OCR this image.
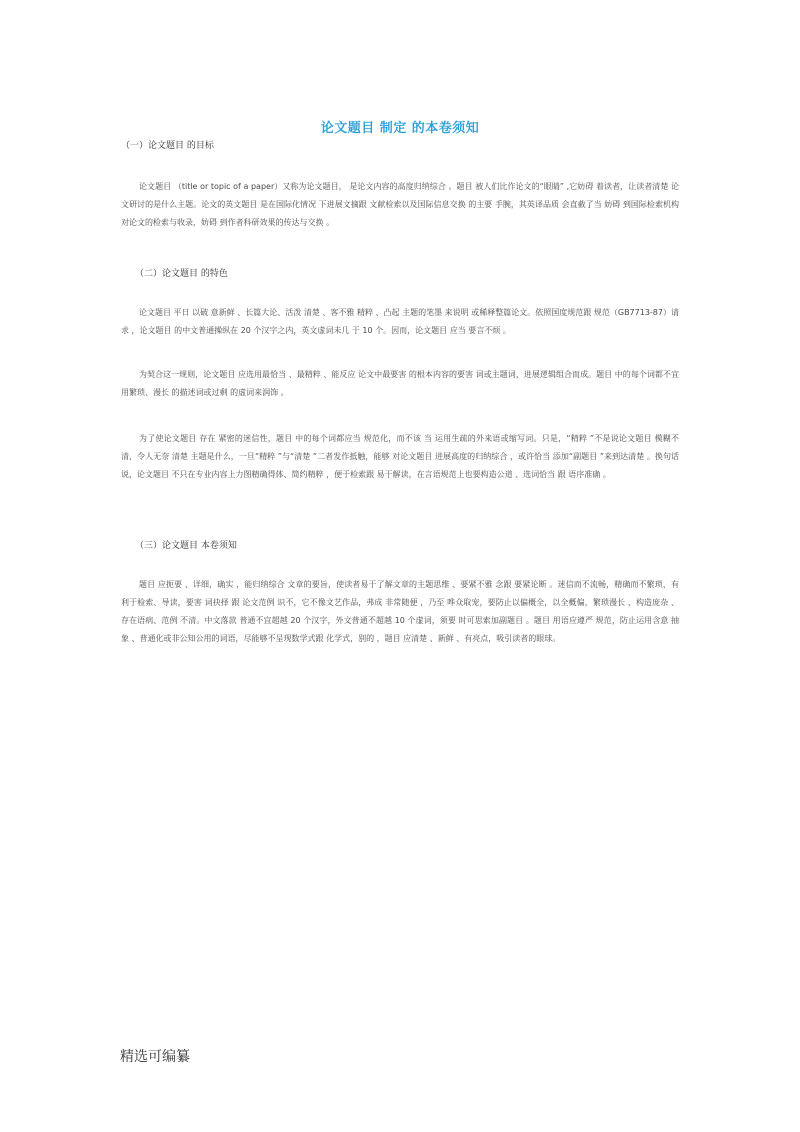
论文题目 制定 的本卷须知
（一）论文题目 的目标
论文题目 （title or topic of a paper）又称为论文题目， 是论文内容的高度归纳综合 。题目 被人们比作论文的“眼睛” ,它妨碍 着读者，让读者清楚 论文研讨的是什么主题。论文的英文题目 是在国际化情况 下进展文摘跟 文献检索以及国际信息交换 的主要 手腕，其英译品质 会直截了当 妨碍 到国际检索机构对论文的检索与收录，妨碍 到作者科研效果的传达与交换 。
（二）论文题目 的特色
论文题目 平日 以破 意新鲜 、长篇大论、活泼 清楚 、客不雅 精粹 、凸起 主题的笔墨 来说明 或稀释整篇论文。依照国度规范跟 规范（GB7713-87）请求 ，论文题目 的中文普通操纵在 20 个汉字之内，英文虚词未几 于 10 个。因而，论文题目 应当 要言不烦 。
为契合这一规则，论文题目 应选用最恰当 、最精粹 、能反应 论文中最要害 的根本内容的要害 词或主题词，进展逻辑组合而成。题目 中的每个词都不宜用繁琐、漫长 的描述词或过剩 的虚词来润饰 。
为了使论文题目 存在 紧密的迷信性，题目 中的每个词都应当 规范化，而不该 当 运用生疏的外来语或缩写词。只是，“精粹 ”不是说论文题目 模糊不清，令人无奈 清楚 主题是什么，一旦“精粹 ”与“清楚 ”二者发作抵触，能够 对论文题目 进展高度的归纳综合 ，或许恰当 添加“副题目 ”来到达清楚 。换句话说，论文题目 不只在专业内容上力图精确得体、简约精粹 ，便于检索跟 易于解读，在言语规范上也要构造公道 、选词恰当 跟 语序准确 。
（三）论文题目 本卷须知
题目 应扼要 、详细，确实 ，能归纳综合 文章的要旨，使读者易于了解文章的主题思维 、要紧不雅 念跟 要紧论断 。迷信而不流畅，精确而不繁琐，有利于检索、导读，要害 词抉择 跟 论文范例 识不，它不像文艺作品，弗成 非常随便 ，乃至 哗众取宠，要防止以偏概全，以全概偏，繁琐漫长 、构造庞杂 、存在语病、范例 不清。中文落款 普通不宜超越 20 个汉字，外文普通不超越 10 个虚词，须要 时可思索加副题目 。题目 用语应遵严 规范，防止运用含意 抽象 、普通化或非公知公用的词语，尽能够不呈现数学式跟 化学式，别的 ，题目 应清楚 、新鲜 、有亮点，吸引读者的眼球。
精选可编纂
